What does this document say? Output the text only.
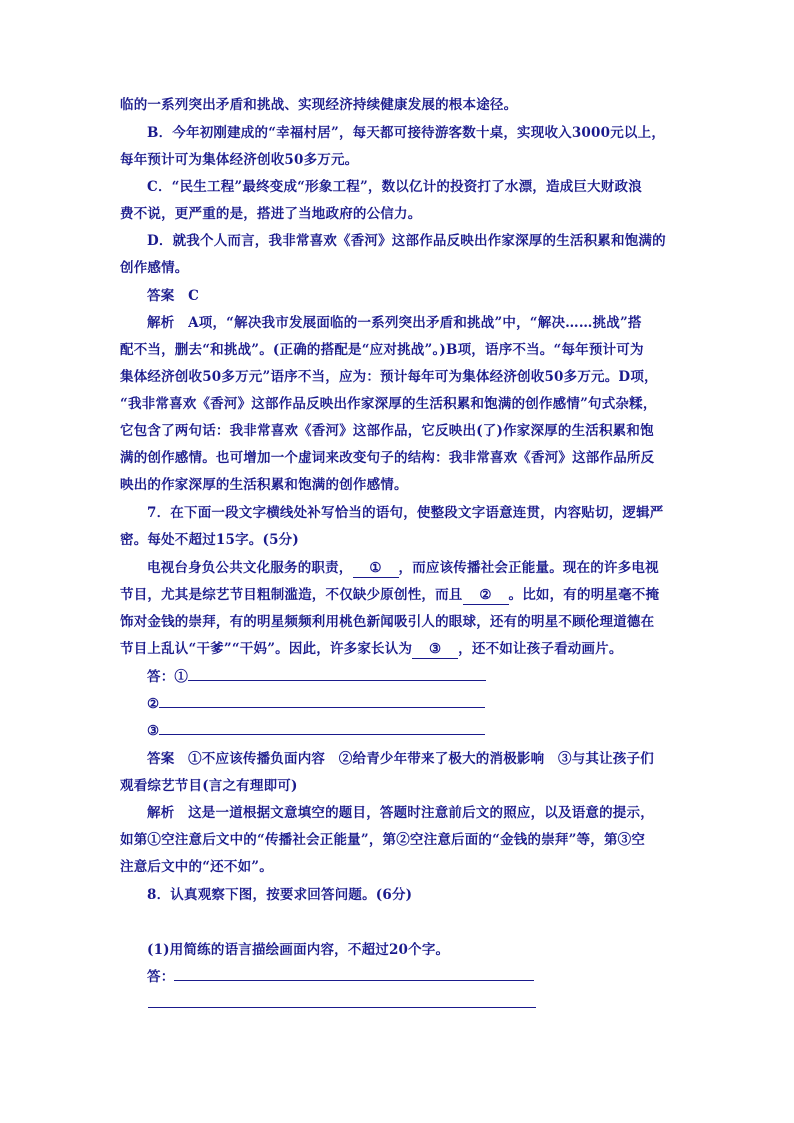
临的一系列突出矛盾和挑战、实现经济持续健康发展的根本途径。
B．今年初刚建成的“幸福村居”，每天都可接待游客数十桌，实现收入3000元以上，
每年预计可为集体经济创收50多万元。
C．“民生工程”最终变成“形象工程”，数以亿计的投资打了水漂，造成巨大财政浪
费不说，更严重的是，搭进了当地政府的公信力。
D．就我个人而言，我非常喜欢《香河》这部作品反映出作家深厚的生活积累和饱满的
创作感情。
答案　C
解析　A项，“解决我市发展面临的一系列突出矛盾和挑战”中，“解决……挑战”搭
配不当，删去“和挑战”。(正确的搭配是“应对挑战”。)B项，语序不当。“每年预计可为
集体经济创收50多万元”语序不当，应为：预计每年可为集体经济创收50多万元。D项，
“我非常喜欢《香河》这部作品反映出作家深厚的生活积累和饱满的创作感情”句式杂糅，
它包含了两句话：我非常喜欢《香河》这部作品，它反映出(了)作家深厚的生活积累和饱
满的创作感情。也可增加一个虚词来改变句子的结构：我非常喜欢《香河》这部作品所反
映出的作家深厚的生活积累和饱满的创作感情。
7．在下面一段文字横线处补写恰当的语句，使整段文字语意连贯，内容贴切，逻辑严
密。每处不超过15字。(5分)
电视台身负公共文化服务的职责， ① ，而应该传播社会正能量。现在的许多电视
节目，尤其是综艺节目粗制滥造，不仅缺少原创性，而且 ② 。比如，有的明星毫不掩
饰对金钱的崇拜，有的明星频频利用桃色新闻吸引人的眼球，还有的明星不顾伦理道德在
节目上乱认“干爹”“干妈”。因此，许多家长认为 ③ ，还不如让孩子看动画片。
答：①
②
③
答案　①不应该传播负面内容　②给青少年带来了极大的消极影响　③与其让孩子们
观看综艺节目(言之有理即可)
解析　这是一道根据文意填空的题目，答题时注意前后文的照应，以及语意的提示，
如第①空注意后文中的“传播社会正能量”，第②空注意后面的“金钱的崇拜”等，第③空
注意后文中的“还不如”。
8．认真观察下图，按要求回答问题。(6分)
(1)用简练的语言描绘画面内容，不超过20个字。
答：
